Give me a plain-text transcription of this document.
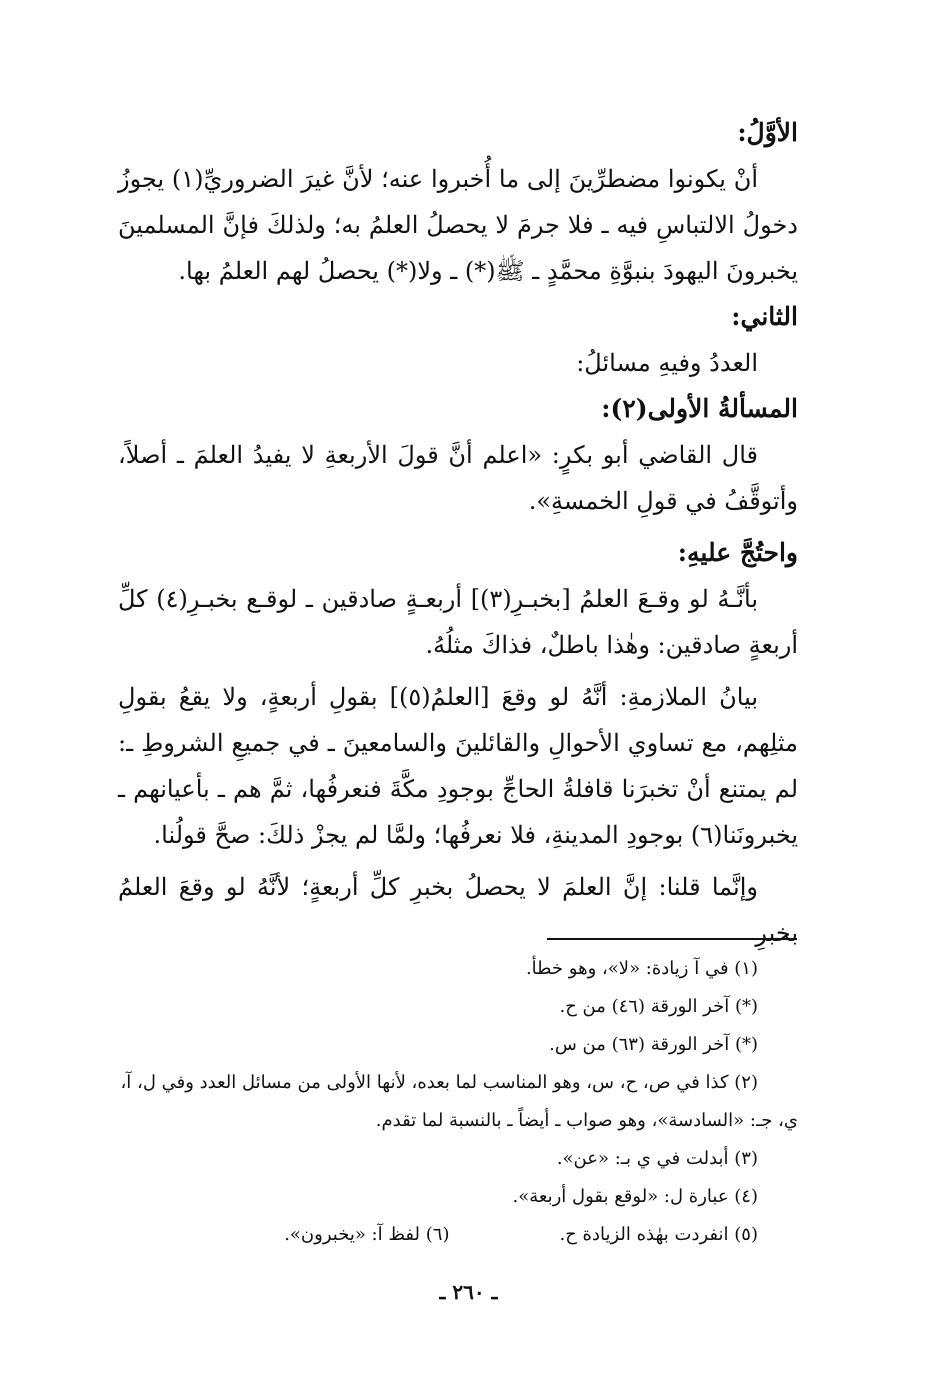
الأوَّلُ:

أنْ يكونوا مضطرِّينَ إلى ما أُخبروا عنه؛ لأنَّ غيرَ الضروريِّ(١) يجوزُ دخولُ الالتباسِ فيه ـ فلا جرمَ لا يحصلُ العلمُ به؛ ولذلكَ فإنَّ المسلمينَ يخبرونَ اليهودَ بنبوَّةِ محمَّدٍ ـ ﷺ(*) ـ ولا(*) يحصلُ لهم العلمُ بها.

الثاني:

العددُ وفيهِ مسائلُ:

المسألةُ الأولى(٢):

قال القاضي أبو بكرٍ: «اعلم أنَّ قولَ الأربعةِ لا يفيدُ العلمَ ـ أصلاً، وأتوقَّفُ في قولِ الخمسةِ».

واحتُجَّ عليهِ:

بأنَّـهُ لو وقـعَ العلمُ [بخبـرِ(٣)] أربعـةٍ صادقين ـ لوقـع بخبـرِ(٤) كلِّ أربعةٍ صادقين: وهٰذا باطلٌ، فذاكَ مثلُهُ.

بيانُ الملازمةِ: أنَّهُ لو وقعَ [العلمُ(٥)] بقولِ أربعةٍ، ولا يقعُ بقولِ مثلِهم، مع تساوي الأحوالِ والقائلينَ والسامعينَ ـ في جميعِ الشروطِ ـ: لم يمتنع أنْ تخبرَنا قافلةُ الحاجِّ بوجودِ مكَّةَ فنعرفُها، ثمَّ هم ـ بأعيانهم ـ يخبرونَنا(٦) بوجودِ المدينةِ، فلا نعرفُها؛ ولمَّا لم يجزْ ذلكَ: صحَّ قولُنا.

وإنَّما قلنا: إنَّ العلمَ لا يحصلُ بخبرِ كلِّ أربعةٍ؛ لأنَّهُ لو وقعَ العلمُ بخبرِ

(١) في آ زيادة: «لا»، وهو خطأ.

(*) آخر الورقة (٤٦) من ح.

(*) آخر الورقة (٦٣) من س.

(٢) كذا في ص، ح، س، وهو المناسب لما بعده، لأنها الأولى من مسائل العدد وفي ل، آ، ي، جـ: «السادسة»، وهو صواب ـ أيضاً ـ بالنسبة لما تقدم.

(٣) أبدلت في ي بـ: «عن».

(٤) عبارة ل: «لوقع بقول أربعة».

(٥) انفردت بهٰذه الزيادة ح.
(٦) لفظ آ: «يخبرون».
ـ ٢٦٠ ـ
